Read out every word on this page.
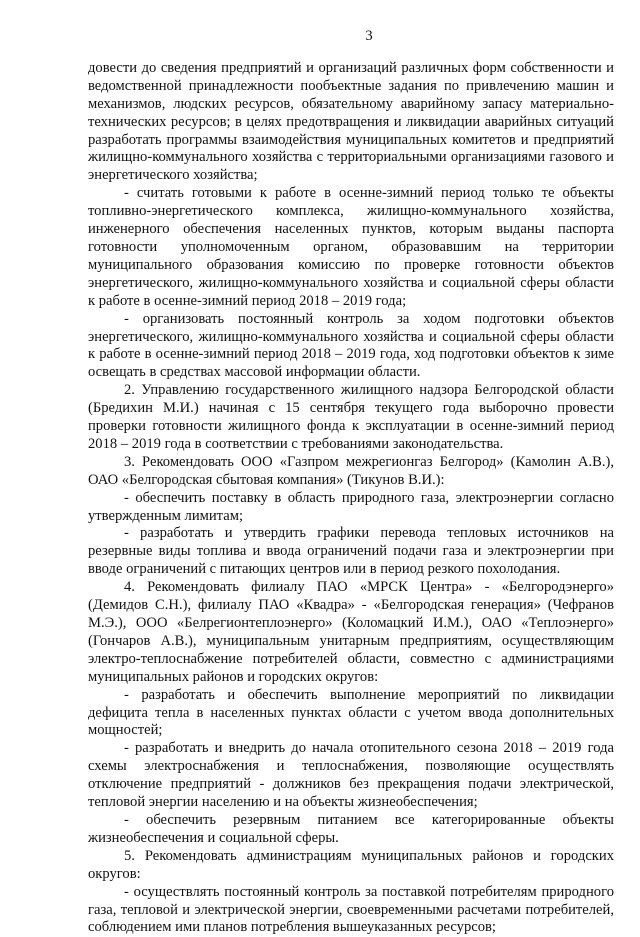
3

довести до сведения предприятий и организаций различных форм собственности и ведомственной принадлежности пообъектные задания по привлечению машин и механизмов, людских ресурсов, обязательному аварийному запасу материально-технических ресурсов; в целях предотвращения и ликвидации аварийных ситуаций разработать программы взаимодействия муниципальных комитетов и предприятий жилищно-коммунального хозяйства с территориальными организациями газового и энергетического хозяйства;

- считать готовыми к работе в осенне-зимний период только те объекты топливно-энергетического комплекса, жилищно-коммунального хозяйства, инженерного обеспечения населенных пунктов, которым выданы паспорта готовности уполномоченным органом, образовавшим на территории муниципального образования комиссию по проверке готовности объектов энергетического, жилищно-коммунального хозяйства и социальной сферы области к работе в осенне-зимний период 2018 – 2019 года;

- организовать постоянный контроль за ходом подготовки объектов энергетического, жилищно-коммунального хозяйства и социальной сферы области к работе в осенне-зимний период 2018 – 2019 года, ход подготовки объектов к зиме освещать в средствах массовой информации области.

2. Управлению государственного жилищного надзора Белгородской области (Бредихин М.И.) начиная с 15 сентября текущего года выборочно провести проверки готовности жилищного фонда к эксплуатации в осенне-зимний период 2018 – 2019 года в соответствии с требованиями законодательства.

3. Рекомендовать ООО «Газпром межрегионгаз Белгород» (Камолин А.В.), ОАО «Белгородская сбытовая компания» (Тикунов В.И.):

- обеспечить поставку в область природного газа, электроэнергии согласно утвержденным лимитам;

- разработать и утвердить графики перевода тепловых источников на резервные виды топлива и ввода ограничений подачи газа и электроэнергии при вводе ограничений с питающих центров или в период резкого похолодания.

4. Рекомендовать филиалу ПАО «МРСК Центра» - «Белгородэнерго» (Демидов С.Н.), филиалу ПАО «Квадра» - «Белгородская генерация» (Чефранов М.Э.), ООО «Белрегионтеплоэнерго» (Коломацкий И.М.), ОАО «Теплоэнерго» (Гончаров А.В.), муниципальным унитарным предприятиям, осуществляющим электро-теплоснабжение потребителей области, совместно с администрациями муниципальных районов и городских округов:

- разработать и обеспечить выполнение мероприятий по ликвидации дефицита тепла в населенных пунктах области с учетом ввода дополнительных мощностей;

- разработать и внедрить до начала отопительного сезона 2018 – 2019 года схемы электроснабжения и теплоснабжения, позволяющие осуществлять отключение предприятий - должников без прекращения подачи электрической, тепловой энергии населению и на объекты жизнеобеспечения;

- обеспечить резервным питанием все категорированные объекты жизнеобеспечения и социальной сферы.

5. Рекомендовать администрациям муниципальных районов и городских округов:

- осуществлять постоянный контроль за поставкой потребителям природного газа, тепловой и электрической энергии, своевременными расчетами потребителей, соблюдением ими планов потребления вышеуказанных ресурсов;
